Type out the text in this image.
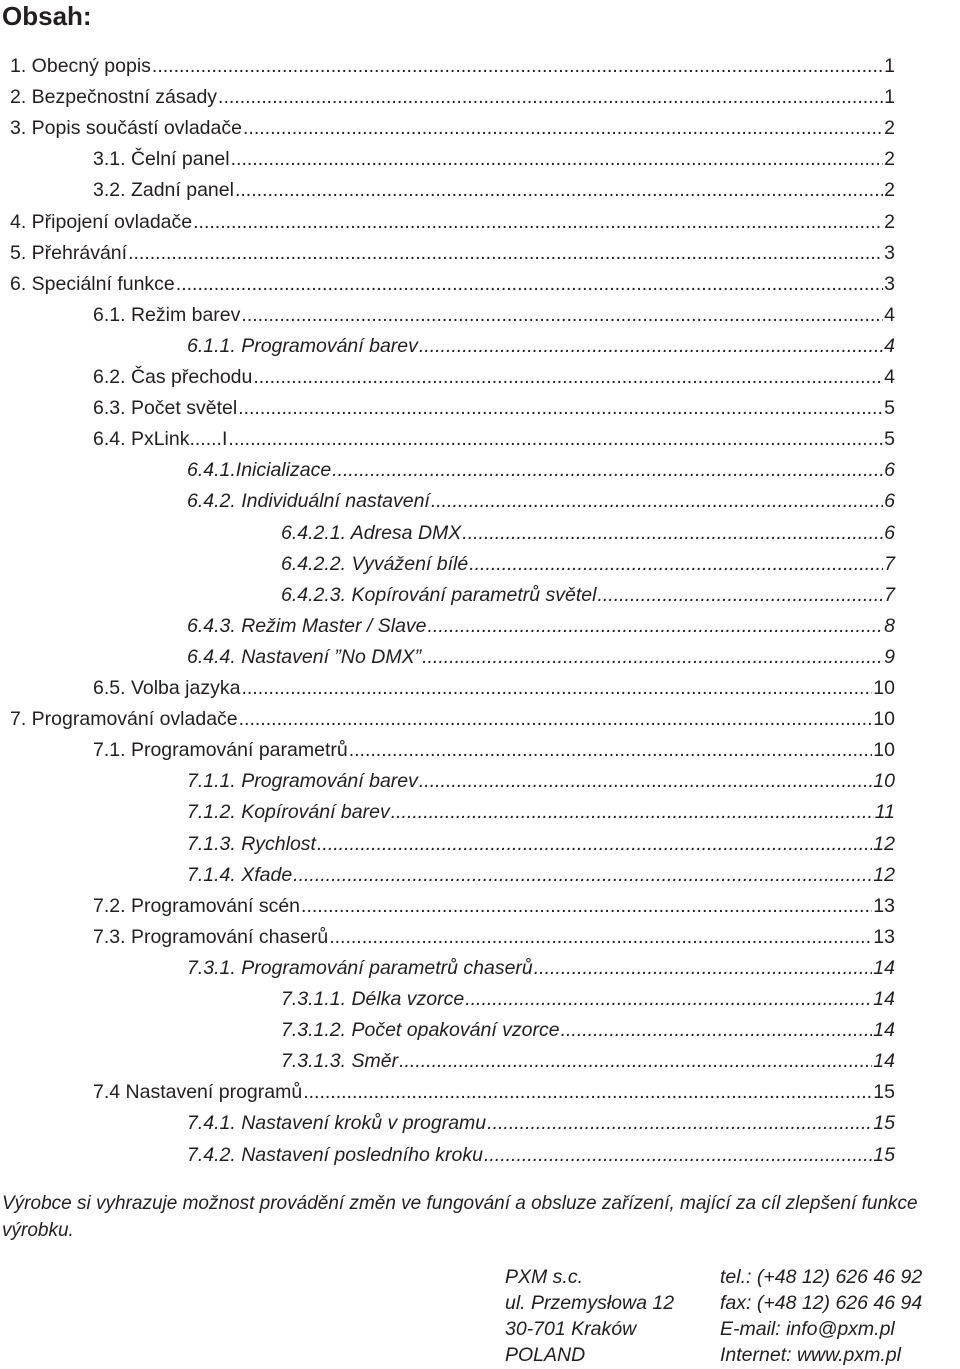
Obsah:
1. Obecný popis .....	1
2. Bezpečnostní zásady .....	1
3. Popis součástí ovladače .....	2
3.1. Čelní panel .....	2
3.2. Zadní panel .....	2
4. Připojení ovladače .....	2
5. Přehrávání .....	3
6. Speciální funkce .....	3
6.1. Režim barev .....	4
6.1.1. Programování barev .....	4
6.2. Čas přechodu .....	4
6.3. Počet světel .....	5
6.4. PxLink......I .....	5
6.4.1.Inicializace .....	6
6.4.2. Individuální nastavení .....	6
6.4.2.1. Adresa DMX .....	6
6.4.2.2. Vyvážení bílé .....	7
6.4.2.3. Kopírování parametrů světel .....	7
6.4.3. Režim Master / Slave .....	8
6.4.4. Nastavení ”No DMX” .....	9
6.5. Volba jazyka .....	10
7. Programování ovladače .....	10
7.1. Programování parametrů .....	10
7.1.1. Programování barev .....	10
7.1.2. Kopírování barev .....	11
7.1.3. Rychlost .....	12
7.1.4. Xfade .....	12
7.2. Programování scén .....	13
7.3. Programování chaserů .....	13
7.3.1. Programování parametrů chaserů .....	14
7.3.1.1. Délka vzorce .....	14
7.3.1.2. Počet opakování vzorce .....	14
7.3.1.3. Směr .....	14
7.4 Nastavení programů .....	15
7.4.1. Nastavení kroků v programu .....	15
7.4.2. Nastavení posledního kroku .....	15
Výrobce si vyhrazuje možnost provádění změn ve fungování a obsluze zařízení, mající za cíl zlepšení funkce výrobku.
PXM s.c.
ul. Przemysłowa 12
30-701 Kraków
POLAND
tel.: (+48 12) 626 46 92
fax: (+48 12) 626 46 94
E-mail: info@pxm.pl
Internet: www.pxm.pl
